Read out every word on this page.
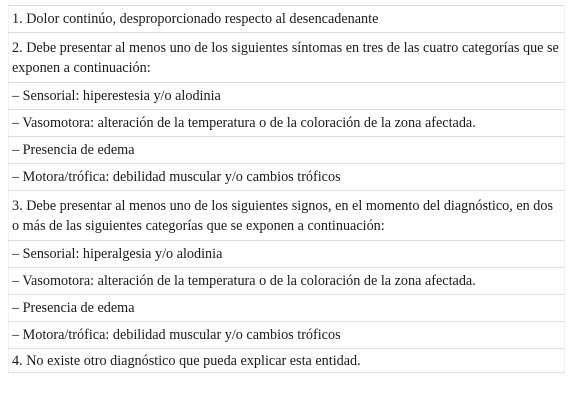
1. Dolor continúo, desproporcionado respecto al desencadenante
2. Debe presentar al menos uno de los siguientes síntomas en tres de las cuatro categorías que se exponen a continuación:
– Sensorial: hiperestesia y/o alodinia
– Vasomotora: alteración de la temperatura o de la coloración de la zona afectada.
– Presencia de edema
– Motora/trófica: debilidad muscular y/o cambios tróficos
3. Debe presentar al menos uno de los siguientes signos, en el momento del diagnóstico, en dos o más de las siguientes categorías que se exponen a continuación:
– Sensorial: hiperalgesia y/o alodinia
– Vasomotora: alteración de la temperatura o de la coloración de la zona afectada.
– Presencia de edema
– Motora/trófica: debilidad muscular y/o cambios tróficos
4. No existe otro diagnóstico que pueda explicar esta entidad.
